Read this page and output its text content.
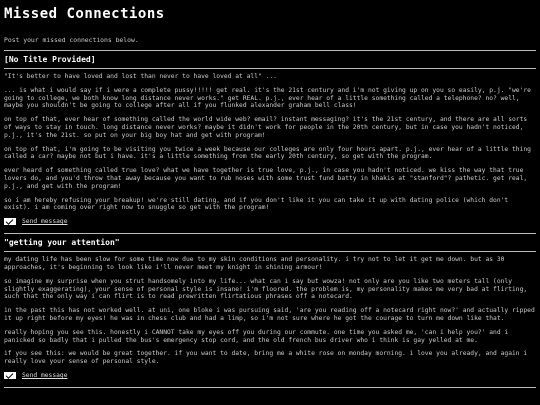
Missed Connections

Post your missed connections below.

[No Title Provided]

"It's better to have loved and lost than never to have loved at all" ...

... is what i would say if i were a complete pussy!!!!! get real. it's the 21st century and i'm not giving up on you so easily, p.j. "we're going to college, we both know long distance never works." get REAL. p.j., ever hear of a little something called a telephone? no? well, maybe you shouldn't be going to college after all if you flunked alexander graham bell class!

on top of that, ever hear of something called the world wide web? email? instant messaging? it's the 21st century, and there are all sorts of ways to stay in touch. long distance never works? maybe it didn't work for people in the 20th century, but in case you hadn't noticed, p.j., it's the 21st. so put on your big boy hat and get with program!

on top of that, i'm going to be visiting you twice a week because our colleges are only four hours apart. p.j., ever hear of a little thing called a car? maybe not but i have. it's a little something from the early 20th century, so get with the program.

ever heard of something called true love? what we have together is true love, p.j., in case you hadn't noticed. we kiss the way that true lovers do, and you'd throw that away because you want to rub noses with some trust fund batty in khakis at "stanford"? pathetic. get real, p.j., and get with the program!

so i am hereby refusing your breakup! we're still dating, and if you don't like it you can take it up with dating police (which don't exist). i am coming over right now to snuggle so get with the program!

Send message
"getting your attention"

my dating life has been slow for some time now due to my skin conditions and personality. i try not to let it get me down. but as 30 approaches, it's beginning to look like i'll never meet my knight in shining armour!

so imagine my surprise when you strut handsomely into my life... what can i say but wowza! not only are you like two meters tall (only slightly exaggerating), your sense of personal style is insane! i'm floored. the problem is, my personality makes me very bad at flirting, such that the only way i can flirt is to read prewritten flirtatious phrases off a notecard.

in the past this has not worked well. at uni, one bloke i was pursuing said, 'are you reading off a notecard right now?' and actually ripped it up right before my eyes! he was in chess club and had a limp, so i'm not sure where he got the courage to turn me down like that.

really hoping you see this. honestly i CANNOT take my eyes off you during our commute. one time you asked me, 'can i help you?' and i panicked so badly that i pulled the bus's emergency stop cord, and the old french bus driver who i think is gay yelled at me.

if you see this: we would be great together. if you want to date, bring me a white rose on monday morning. i love you already, and again i really love your sense of personal style.

Send message
